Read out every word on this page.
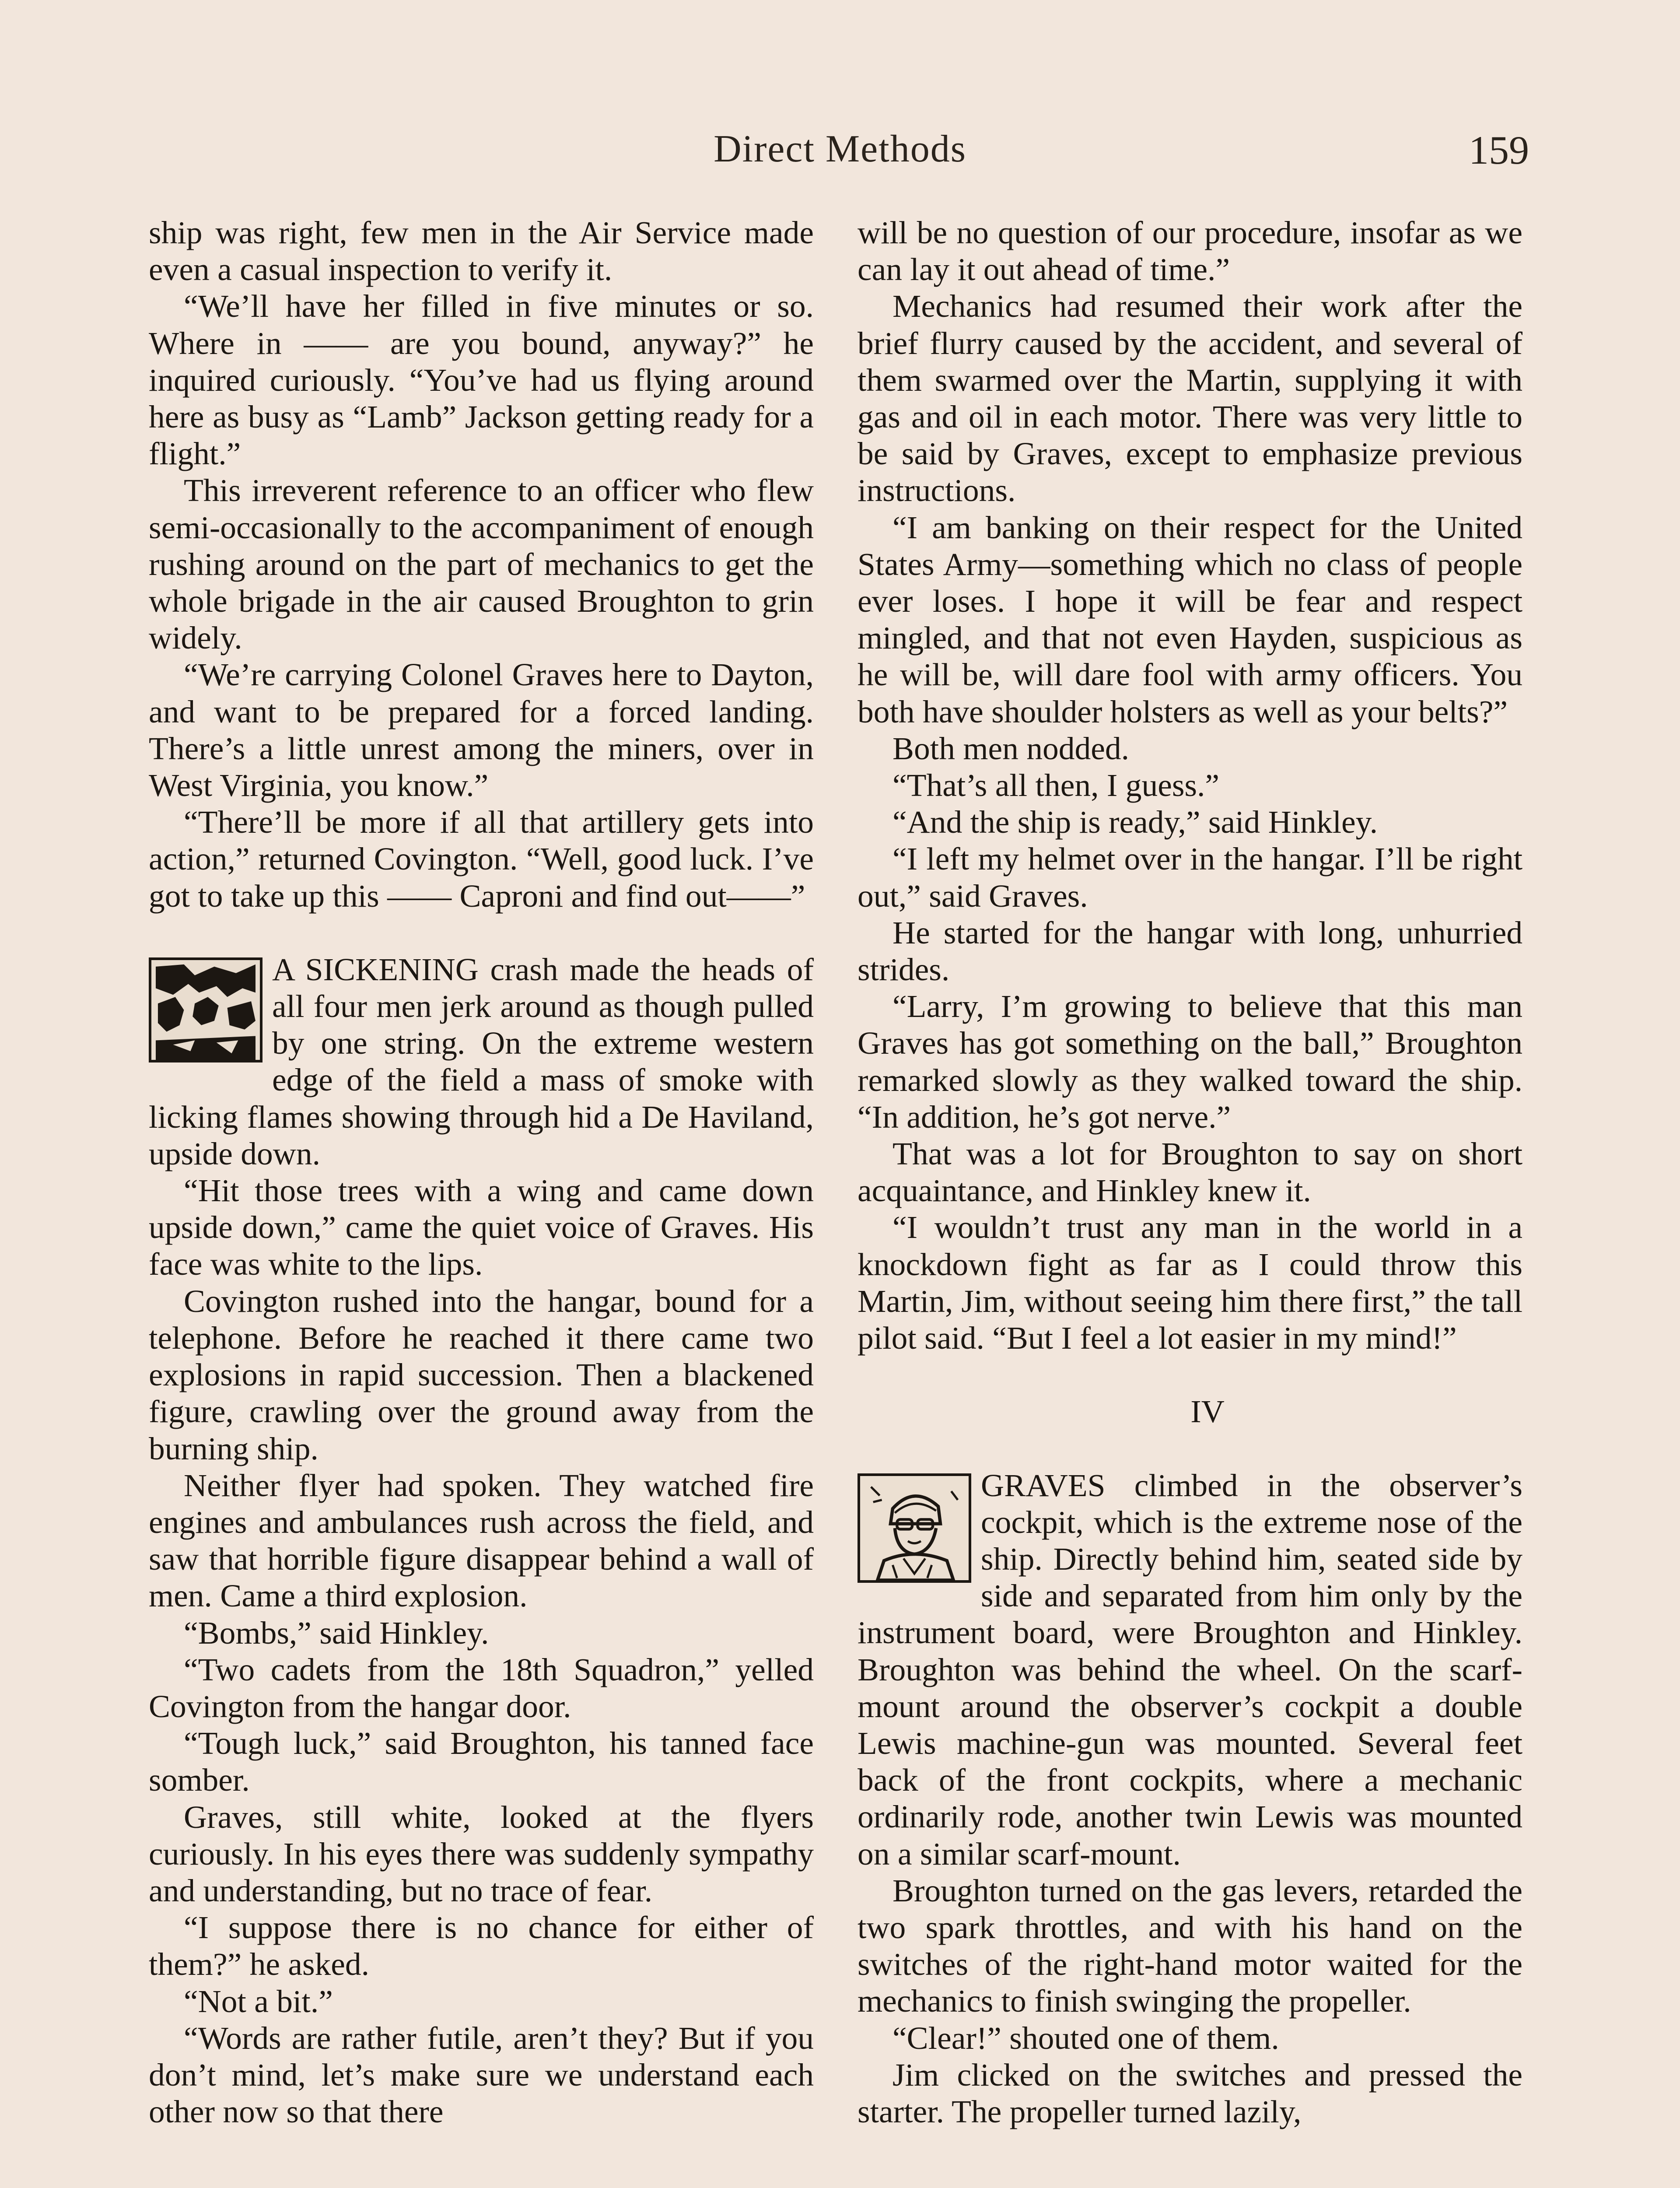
Direct Methods	159

ship was right, few men in the Air Service made even a casual inspection to verify it.

“We’ll have her filled in five minutes or so. Where in —— are you bound, anyway?” he inquired curiously. “You’ve had us flying around here as busy as “Lamb” Jackson getting ready for a flight.”

This irreverent reference to an officer who flew semi-occasionally to the accompaniment of enough rushing around on the part of mechanics to get the whole brigade in the air caused Broughton to grin widely.

“We’re carrying Colonel Graves here to Dayton, and want to be prepared for a forced landing. There’s a little unrest among the miners, over in West Virginia, you know.”

“There’ll be more if all that artillery gets into action,” returned Covington. “Well, good luck. I’ve got to take up this —— Caproni and find out——”

A SICKENING crash made the heads of all four men jerk around as though pulled by one string. On the extreme western edge of the field a mass of smoke with licking flames showing through hid a De Haviland, upside down.

“Hit those trees with a wing and came down upside down,” came the quiet voice of Graves. His face was white to the lips.

Covington rushed into the hangar, bound for a telephone. Before he reached it there came two explosions in rapid succession. Then a blackened figure, crawling over the ground away from the burning ship.

Neither flyer had spoken. They watched fire engines and ambulances rush across the field, and saw that horrible figure disappear behind a wall of men. Came a third explosion.

“Bombs,” said Hinkley.

“Two cadets from the 18th Squadron,” yelled Covington from the hangar door.

“Tough luck,” said Broughton, his tanned face somber.

Graves, still white, looked at the flyers curiously. In his eyes there was suddenly sympathy and understanding, but no trace of fear.

“I suppose there is no chance for either of them?” he asked.

“Not a bit.”

“Words are rather futile, aren’t they? But if you don’t mind, let’s make sure we understand each other now so that there

will be no question of our procedure, insofar as we can lay it out ahead of time.”

Mechanics had resumed their work after the brief flurry caused by the accident, and several of them swarmed over the Martin, supplying it with gas and oil in each motor. There was very little to be said by Graves, except to emphasize previous instructions.

“I am banking on their respect for the United States Army—something which no class of people ever loses. I hope it will be fear and respect mingled, and that not even Hayden, suspicious as he will be, will dare fool with army officers. You both have shoulder holsters as well as your belts?”

Both men nodded.

“That’s all then, I guess.”

“And the ship is ready,” said Hinkley.

“I left my helmet over in the hangar. I’ll be right out,” said Graves.

He started for the hangar with long, unhurried strides.

“Larry, I’m growing to believe that this man Graves has got something on the ball,” Broughton remarked slowly as they walked toward the ship. “In addition, he’s got nerve.”

That was a lot for Broughton to say on short acquaintance, and Hinkley knew it.

“I wouldn’t trust any man in the world in a knockdown fight as far as I could throw this Martin, Jim, without seeing him there first,” the tall pilot said. “But I feel a lot easier in my mind!”

IV

GRAVES climbed in the observer’s cockpit, which is the extreme nose of the ship. Directly behind him, seated side by side and separated from him only by the instrument board, were Broughton and Hinkley. Broughton was behind the wheel. On the scarf-mount around the observer’s cockpit a double Lewis machine-gun was mounted. Several feet back of the front cockpits, where a mechanic ordinarily rode, another twin Lewis was mounted on a similar scarf-mount.

Broughton turned on the gas levers, retarded the two spark throttles, and with his hand on the switches of the right-hand motor waited for the mechanics to finish swinging the propeller.

“Clear!” shouted one of them.

Jim clicked on the switches and pressed the starter. The propeller turned lazily,
